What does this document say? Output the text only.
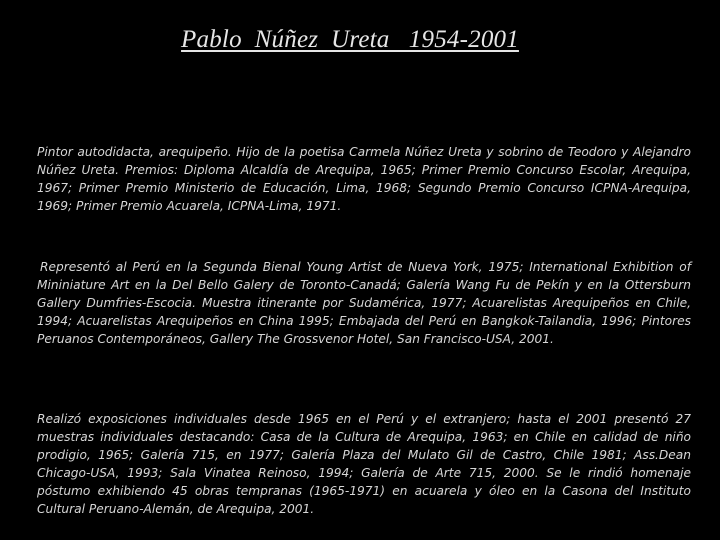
Pablo  Núñez  Ureta   1954-2001

Pintor autodidacta, arequipeño. Hijo de la poetisa Carmela Núñez Ureta y sobrino de Teodoro y Alejandro Núñez Ureta. Premios: Diploma Alcaldía de Arequipa, 1965; Primer Premio Concurso Escolar, Arequipa, 1967; Primer Premio Ministerio de Educación, Lima, 1968; Segundo Premio Concurso ICPNA-Arequipa, 1969; Primer Premio Acuarela, ICPNA-Lima, 1971.

Representó al Perú en la Segunda Bienal Young Artist de Nueva York, 1975; International Exhibition of Mininiature Art en la Del Bello Galery de Toronto-Canadá; Galería Wang Fu de Pekín y en la Ottersburn Gallery Dumfries-Escocia. Muestra itinerante por Sudamérica, 1977; Acuarelistas Arequipeños en Chile, 1994; Acuarelistas Arequipeños en China 1995; Embajada del Perú en Bangkok-Tailandia, 1996; Pintores Peruanos Contemporáneos, Gallery The Grossvenor Hotel, San Francisco-USA, 2001.

Realizó exposiciones individuales desde 1965 en el Perú y el extranjero; hasta el 2001 presentó 27 muestras individuales destacando: Casa de la Cultura de Arequipa, 1963; en Chile en calidad de niño prodigio, 1965; Galería 715, en 1977; Galería Plaza del Mulato Gil de Castro, Chile 1981; Ass.Dean Chicago-USA, 1993; Sala Vinatea Reinoso, 1994; Galería de Arte 715, 2000. Se le rindió homenaje póstumo exhibiendo 45 obras tempranas (1965-1971) en acuarela y óleo en la Casona del Instituto Cultural Peruano-Alemán, de Arequipa, 2001.
